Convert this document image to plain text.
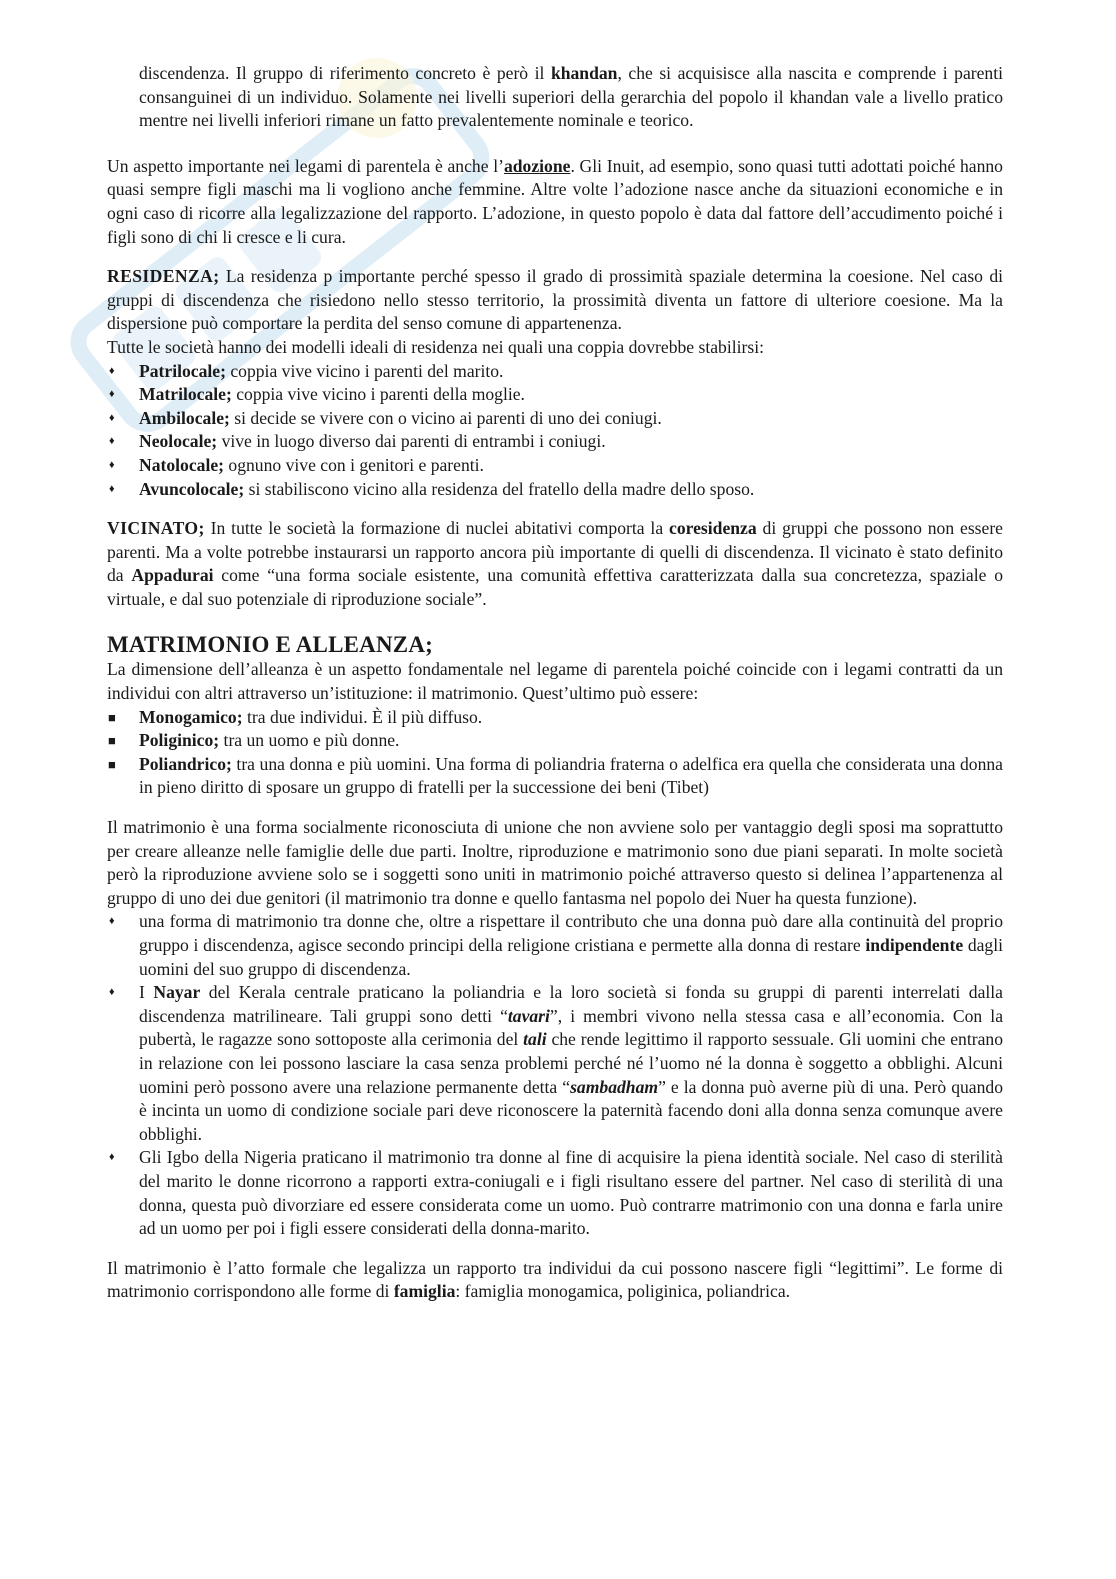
discendenza. Il gruppo di riferimento concreto è però il khandan, che si acquisisce alla nascita e comprende i parenti consanguinei di un individuo. Solamente nei livelli superiori della gerarchia del popolo il khandan vale a livello pratico mentre nei livelli inferiori rimane un fatto prevalentemente nominale e teorico.

Un aspetto importante nei legami di parentela è anche l’adozione. Gli Inuit, ad esempio, sono quasi tutti adottati poiché hanno quasi sempre figli maschi ma li vogliono anche femmine. Altre volte l’adozione nasce anche da situazioni economiche e in ogni caso di ricorre alla legalizzazione del rapporto. L’adozione, in questo popolo è data dal fattore dell’accudimento poiché i figli sono di chi li cresce e li cura.

RESIDENZA; La residenza p importante perché spesso il grado di prossimità spaziale determina la coesione. Nel caso di gruppi di discendenza che risiedono nello stesso territorio, la prossimità diventa un fattore di ulteriore coesione. Ma la dispersione può comportare la perdita del senso comune di appartenenza.

Tutte le società hanno dei modelli ideali di residenza nei quali una coppia dovrebbe stabilirsi:

♦ Patrilocale; coppia vive vicino i parenti del marito.
♦ Matrilocale; coppia vive vicino i parenti della moglie.
♦ Ambilocale; si decide se vivere con o vicino ai parenti di uno dei coniugi.
♦ Neolocale; vive in luogo diverso dai parenti di entrambi i coniugi.
♦ Natolocale; ognuno vive con i genitori e parenti.
♦ Avuncolocale; si stabiliscono vicino alla residenza del fratello della madre dello sposo.

VICINATO; In tutte le società la formazione di nuclei abitativi comporta la coresidenza di gruppi che possono non essere parenti. Ma a volte potrebbe instaurarsi un rapporto ancora più importante di quelli di discendenza. Il vicinato è stato definito da Appadurai come “una forma sociale esistente, una comunità effettiva caratterizzata dalla sua concretezza, spaziale o virtuale, e dal suo potenziale di riproduzione sociale”.

MATRIMONIO E ALLEANZA;

La dimensione dell’alleanza è un aspetto fondamentale nel legame di parentela poiché coincide con i legami contratti da un individui con altri attraverso un’istituzione: il matrimonio. Quest’ultimo può essere:

■ Monogamico; tra due individui. È il più diffuso.
■ Poliginico; tra un uomo e più donne.
■ Poliandrico; tra una donna e più uomini. Una forma di poliandria fraterna o adelfica era quella che considerata una donna in pieno diritto di sposare un gruppo di fratelli per la successione dei beni (Tibet)

Il matrimonio è una forma socialmente riconosciuta di unione che non avviene solo per vantaggio degli sposi ma soprattutto per creare alleanze nelle famiglie delle due parti. Inoltre, riproduzione e matrimonio sono due piani separati. In molte società però la riproduzione avviene solo se i soggetti sono uniti in matrimonio poiché attraverso questo si delinea l’appartenenza al gruppo di uno dei due genitori (il matrimonio tra donne e quello fantasma nel popolo dei Nuer ha questa funzione).

♦ una forma di matrimonio tra donne che, oltre a rispettare il contributo che una donna può dare alla continuità del proprio gruppo i discendenza, agisce secondo principi della religione cristiana e permette alla donna di restare indipendente dagli uomini del suo gruppo di discendenza.
♦ I Nayar del Kerala centrale praticano la poliandria e la loro società si fonda su gruppi di parenti interrelati dalla discendenza matrilineare. Tali gruppi sono detti “tavari”, i membri vivono nella stessa casa e all’economia. Con la pubertà, le ragazze sono sottoposte alla cerimonia del tali che rende legittimo il rapporto sessuale. Gli uomini che entrano in relazione con lei possono lasciare la casa senza problemi perché né l’uomo né la donna è soggetto a obblighi. Alcuni uomini però possono avere una relazione permanente detta “sambadham” e la donna può averne più di una. Però quando è incinta un uomo di condizione sociale pari deve riconoscere la paternità facendo doni alla donna senza comunque avere obblighi.
♦ Gli Igbo della Nigeria praticano il matrimonio tra donne al fine di acquisire la piena identità sociale. Nel caso di sterilità del marito le donne ricorrono a rapporti extra-coniugali e i figli risultano essere del partner. Nel caso di sterilità di una donna, questa può divorziare ed essere considerata come un uomo. Può contrarre matrimonio con una donna e farla unire ad un uomo per poi i figli essere considerati della donna-marito.

Il matrimonio è l’atto formale che legalizza un rapporto tra individui da cui possono nascere figli “legittimi”. Le forme di matrimonio corrispondono alle forme di famiglia: famiglia monogamica, poliginica, poliandrica.
